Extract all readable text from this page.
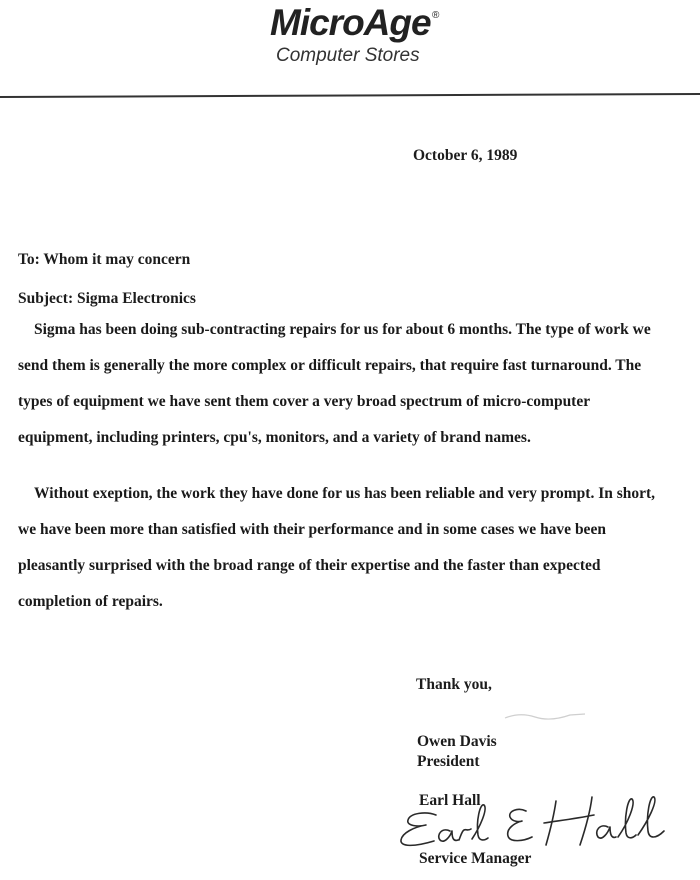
MicroAge ®
Computer Stores
October 6, 1989
To: Whom it may concern
Subject: Sigma Electronics
Sigma has been doing sub-contracting repairs for us for about 6 months. The type of work we
send them is generally the more complex or difficult repairs, that require fast turnaround. The
types of equipment we have sent them cover a very broad spectrum of micro-computer
equipment, including printers, cpu's, monitors, and a variety of brand names.
Without exeption, the work they have done for us has been reliable and very prompt. In short,
we have been more than satisfied with their performance and in some cases we have been
pleasantly surprised with the broad range of their expertise and the faster than expected
completion of repairs.
Thank you,
Owen Davis
President
Earl Hall
Service Manager
